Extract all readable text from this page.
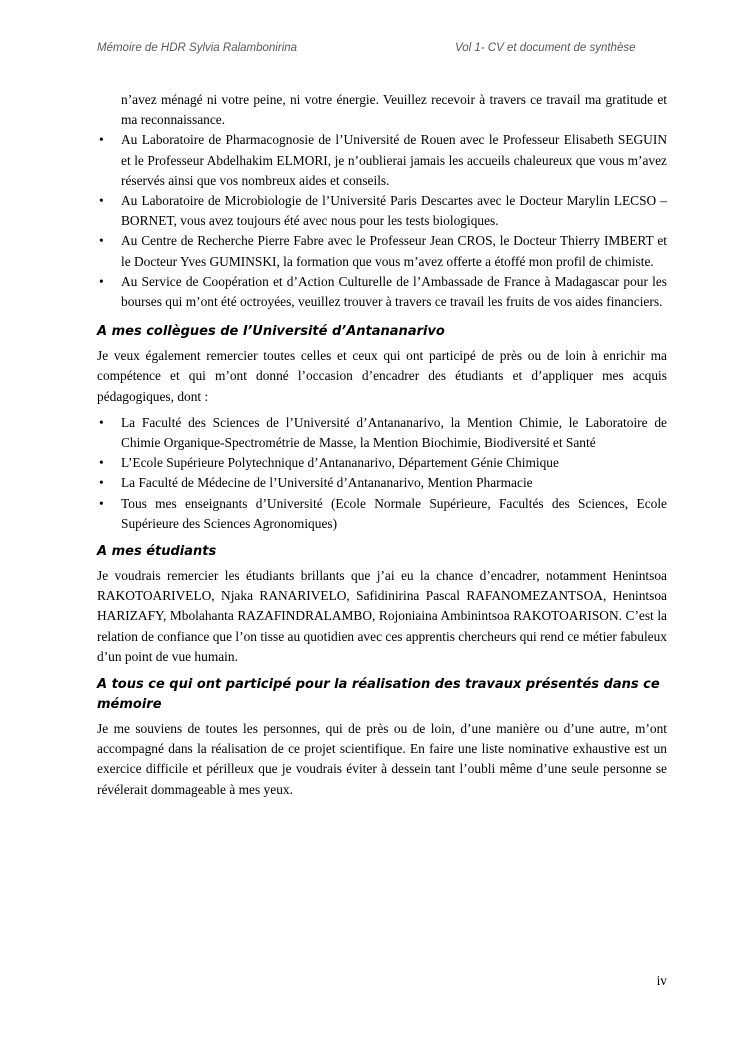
Mémoire de HDR Sylvia Ralambonirina	Vol 1- CV et document de synthèse
n’avez ménagé ni votre peine, ni votre énergie. Veuillez recevoir à travers ce travail ma gratitude et ma reconnaissance.
•	Au Laboratoire de Pharmacognosie de l’Université de Rouen avec le Professeur Elisabeth SEGUIN et le Professeur Abdelhakim ELMORI, je n’oublierai jamais les accueils chaleureux que vous m’avez réservés ainsi que vos nombreux aides et conseils.
•	Au Laboratoire de Microbiologie de l’Université Paris Descartes avec le Docteur Marylin LECSO – BORNET, vous avez toujours été avec nous pour les tests biologiques.
•	Au Centre de Recherche Pierre Fabre avec le Professeur Jean CROS, le Docteur Thierry IMBERT et le Docteur Yves GUMINSKI, la formation que vous m’avez offerte a étoffé mon profil de chimiste.
•	Au Service de Coopération et d’Action Culturelle de l’Ambassade de France à Madagascar pour les bourses qui m’ont été octroyées, veuillez trouver à travers ce travail les fruits de vos aides financiers.
A mes collègues de l’Université d’Antananarivo

Je veux également remercier toutes celles et ceux qui ont participé de près ou de loin à enrichir ma compétence et qui m’ont donné l’occasion d’encadrer des étudiants et d’appliquer mes acquis pédagogiques, dont :

•	La Faculté des Sciences de l’Université d’Antananarivo, la Mention Chimie, le Laboratoire de Chimie Organique-Spectrométrie de Masse, la Mention Biochimie, Biodiversité et Santé
•	L’Ecole Supérieure Polytechnique d’Antananarivo, Département Génie Chimique
•	La Faculté de Médecine de l’Université d’Antananarivo, Mention Pharmacie
•	Tous mes enseignants d’Université (Ecole Normale Supérieure, Facultés des Sciences, Ecole Supérieure des Sciences Agronomiques)
A mes étudiants

Je voudrais remercier les étudiants brillants que j’ai eu la chance d’encadrer, notamment Henintsoa RAKOTOARIVELO, Njaka RANARIVELO, Safidinirina Pascal RAFANOMEZANTSOA, Henintsoa HARIZAFY, Mbolahanta RAZAFINDRALAMBO, Rojoniaina Ambinintsoa RAKOTOARISON. C’est la relation de confiance que l’on tisse au quotidien avec ces apprentis chercheurs qui rend ce métier fabuleux d’un point de vue humain.

A tous ce qui ont participé pour la réalisation des travaux présentés dans ce mémoire

Je me souviens de toutes les personnes, qui de près ou de loin, d’une manière ou d’une autre, m’ont accompagné dans la réalisation de ce projet scientifique. En faire une liste nominative exhaustive est un exercice difficile et périlleux que je voudrais éviter à dessein tant l’oubli même d’une seule personne se révélerait dommageable à mes yeux.

iv
